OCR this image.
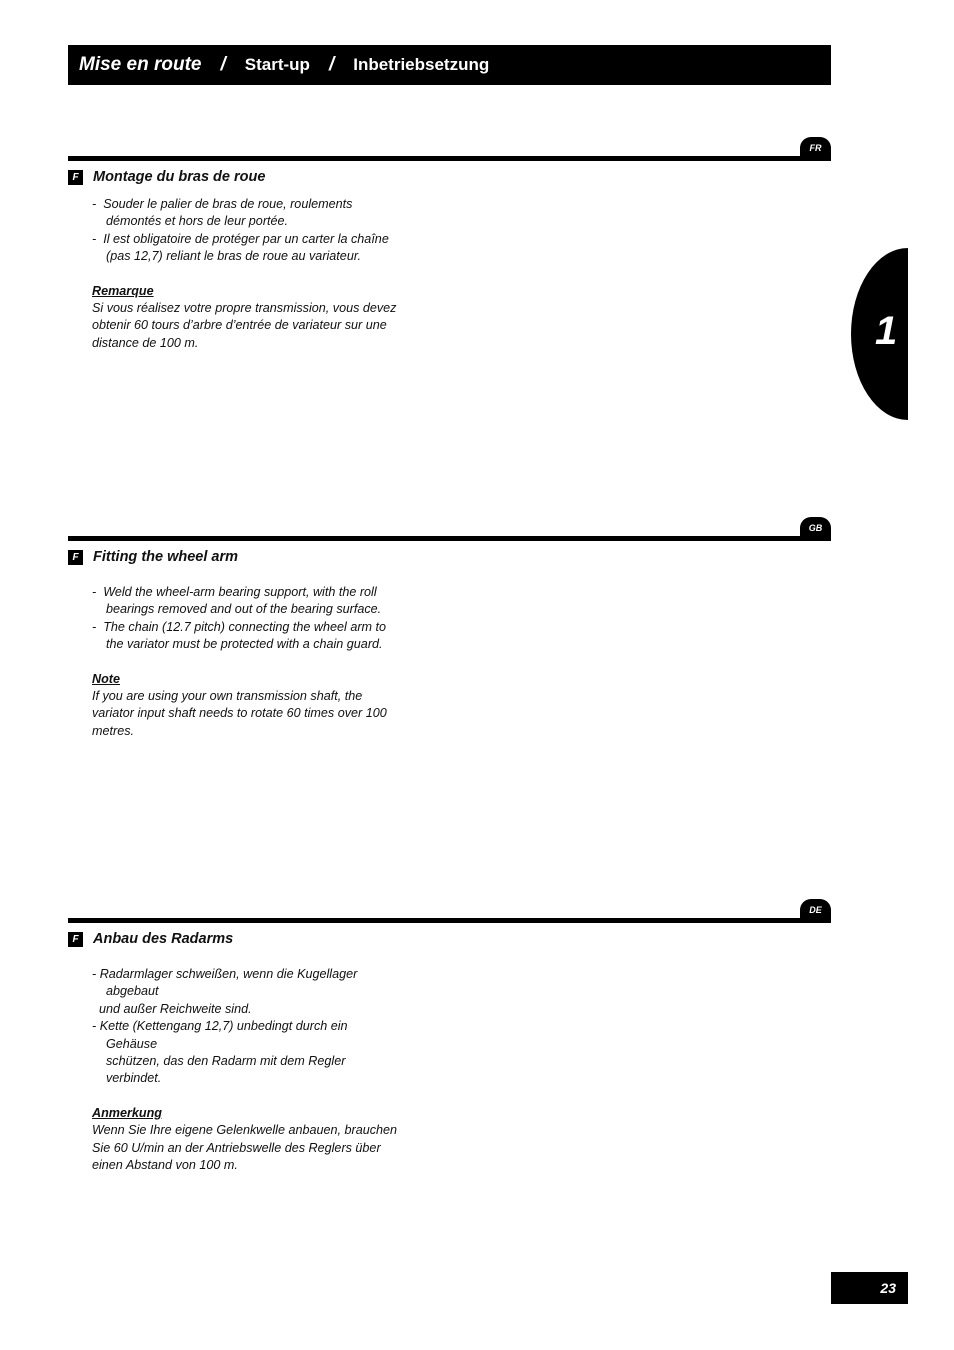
Mise en route / Start-up / Inbetriebsetzung
1
FR
F Montage du bras de roue
-  Souder le palier de bras de roue, roulements
démontés et hors de leur portée.
-  Il est obligatoire de protéger par un carter la chaîne
(pas 12,7) reliant le bras de roue au variateur.

Remarque

Si vous réalisez votre propre transmission, vous devez

obtenir 60 tours d’arbre d’entrée de variateur sur une

distance de 100 m.

GB
F Fitting the wheel arm
-  Weld the wheel-arm bearing support, with the roll
bearings removed and out of the bearing surface.
-  The chain (12.7 pitch) connecting the wheel arm to
the variator must be protected with a chain guard.

Note

If you are using your own transmission shaft, the

variator input shaft needs to rotate 60 times over 100

metres.

DE
F Anbau des Radarms
- Radarmlager schweißen, wenn die Kugellager
abgebaut
und außer Reichweite sind.
- Kette (Kettengang 12,7) unbedingt durch ein
Gehäuse
schützen, das den Radarm mit dem Regler
verbindet.

Anmerkung

Wenn Sie Ihre eigene Gelenkwelle anbauen, brauchen

Sie 60 U/min an der Antriebswelle des Reglers über

einen Abstand von 100 m.

23
